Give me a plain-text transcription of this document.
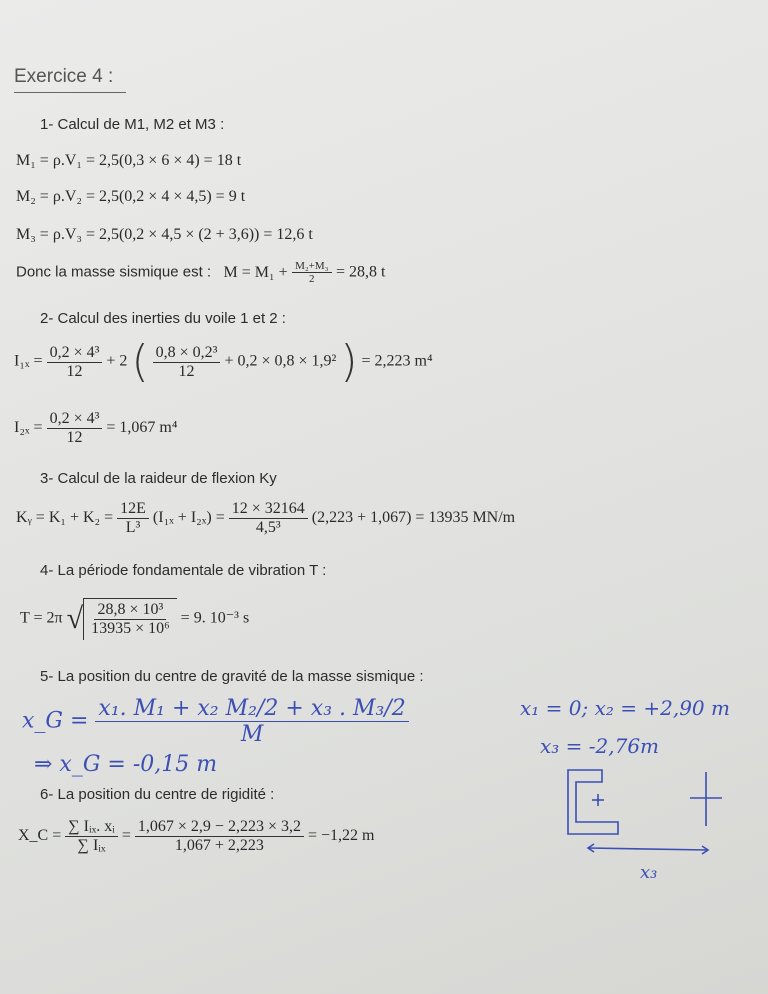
Exercice 4 :
1- Calcul de M1, M2 et M3 :
M₁ = ρ.V₁ = 2,5(0,3 × 6 × 4) = 18 t
M₂ = ρ.V₂ = 2,5(0,2 × 4 × 4,5) = 9 t
M₃ = ρ.V₃ = 2,5(0,2 × 4,5 × (2 + 3,6)) = 12,6 t
Donc la masse sismique est : $M = M_1 + \frac{\text{M₂+M₃}}{2} = 28,8$ t
2- Calcul des inerties du voile 1 et 2 :
$I_{1x} = \frac{\text{0,2 × 4³}}{12} + 2$ ( $\frac{\text{0,8 × 0,2³}}{12} + 0,2 \times 0,8 \times 1,9^2$ ) = 2,223 m⁴
$I_{2x} = \frac{\text{0,2 × 4³}}{12} = 1,067$ m⁴
3- Calcul de la raideur de flexion Ky
Kᵧ = $K_1 + K_2 = \frac{12E}{\text{L³}} (I_{1x} + I_{2x}) = \frac{12 \times 32164}{\text{4,5³}} (2,223 + 1,067) = 13935$ MN/m
4- La période fondamentale de vibration T :
T = 2π √ $\frac{\text{28,8 × 10³}}{\text{13935 × 10⁶}} = 9$. 10⁻³ s
5- La position du centre de gravité de la masse sismique :
x_G = $\frac{\text{x₁. M₁ + x₂ M₂/2 + x₃ . M₃/2}}{M}$
⇒ x_G = -0,15 m
x₁ = 0; x₂ = +2,90 m
x₃ = -2,76m
x₃
6- La position du centre de rigidité :
X_C = $\frac{\text{∑ Iᵢₓ. xᵢ}}{\text{∑ Iᵢₓ}} = \frac{1,067 \times 2,9 - 2,223 \times 3,2}{1,067 + 2,223} = -1,22$ m
